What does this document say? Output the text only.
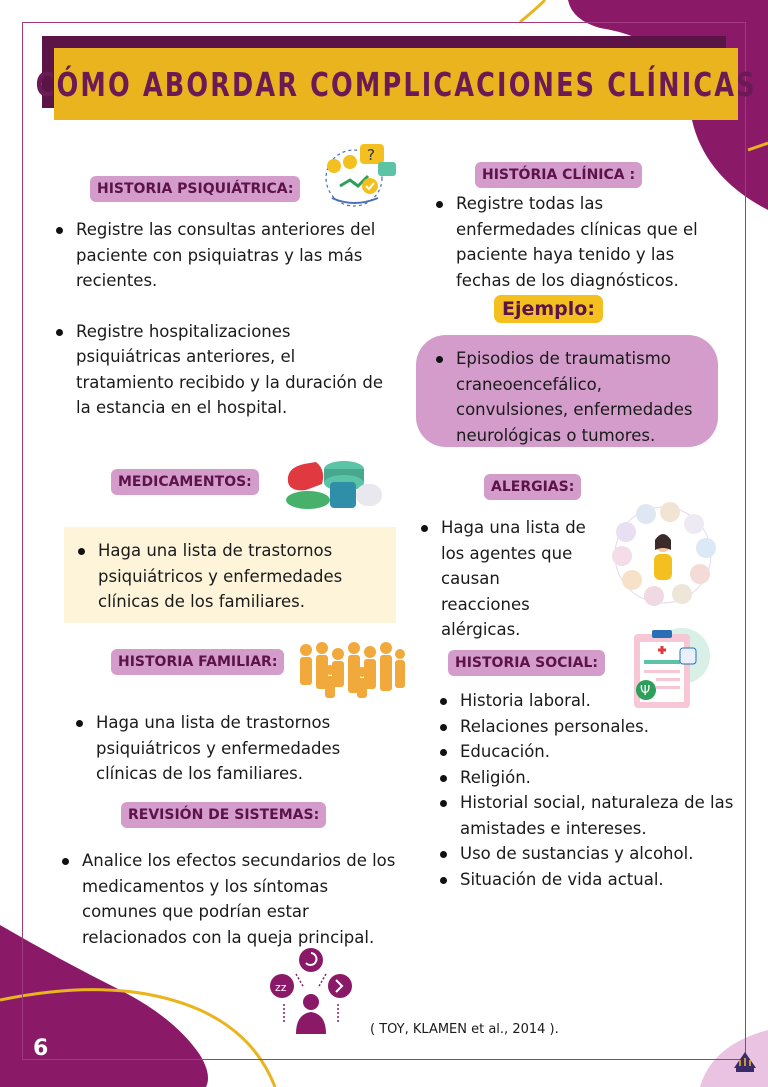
CÓMO ABORDAR COMPLICACIONES CLÍNICAS
HISTORIA PSIQUIÁTRICA:
Registre las consultas anteriores del paciente con psiquiatras y las más recientes.
Registre hospitalizaciones psiquiátricas anteriores, el tratamiento recibido y la duración de la estancia en el hospital.
?
HISTÓRIA CLÍNICA :
Registre todas las enfermedades clínicas que el paciente haya tenido y las fechas de los diagnósticos.
Ejemplo:
Episodios de traumatismo craneoencefálico, convulsiones, enfermedades neurológicas o tumores.
MEDICAMENTOS:
Haga una lista de trastornos psiquiátricos y enfermedades clínicas de los familiares.
ALERGIAS:
Haga una lista de los agentes que causan reacciones alérgicas.
HISTORIA FAMILIAR:
Haga una lista de trastornos psiquiátricos y enfermedades clínicas de los familiares.
HISTORIA SOCIAL:
Ψ
Historia laboral.
Relaciones personales.
Educación.
Religión.
Historial social, naturaleza de las amistades e intereses.
Uso de sustancias y alcohol.
Situación de vida actual.
REVISIÓN DE SISTEMAS:
Analice los efectos secundarios de los medicamentos y los síntomas comunes que podrían estar relacionados con la queja principal.
zz
( TOY, KLAMEN et al., 2014 ).
6
